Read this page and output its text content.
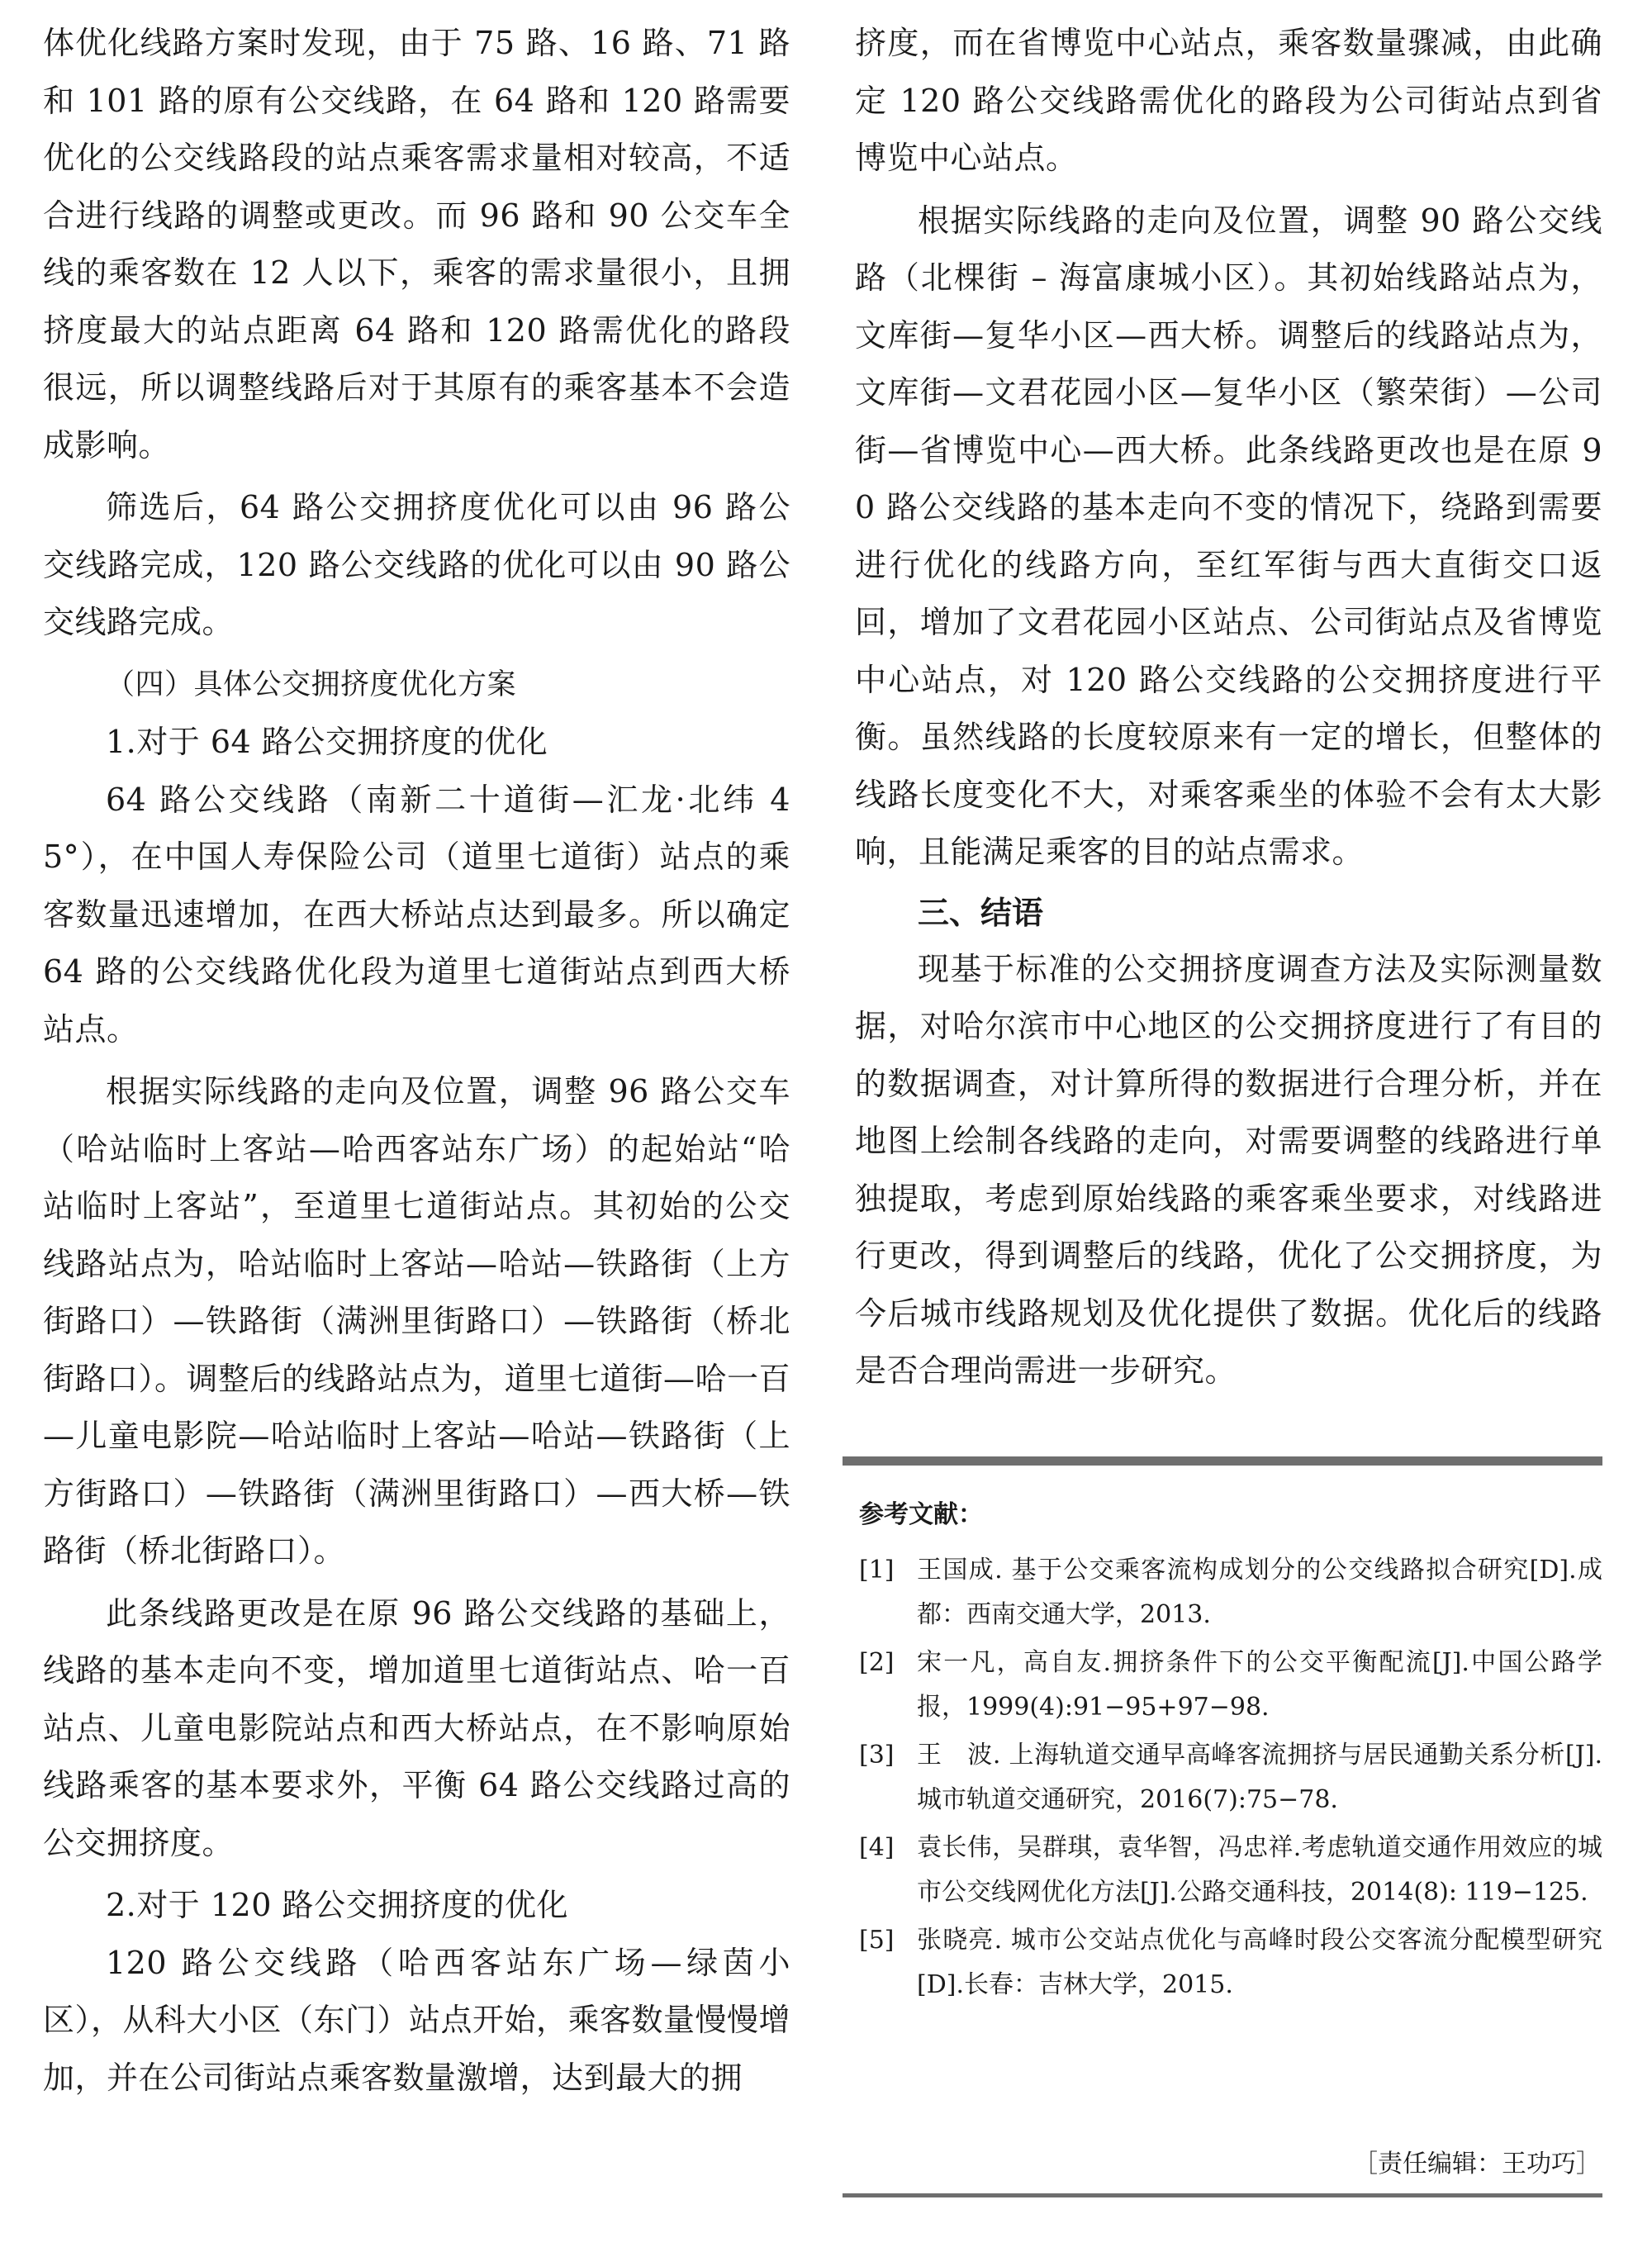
体优化线路方案时发现，由于 75 路、16 路、71 路和 101 路的原有公交线路，在 64 路和 120 路需要优化的公交线路段的站点乘客需求量相对较高，不适合进行线路的调整或更改。而 96 路和 90 公交车全线的乘客数在 12 人以下，乘客的需求量很小，且拥挤度最大的站点距离 64 路和 120 路需优化的路段很远，所以调整线路后对于其原有的乘客基本不会造成影响。

筛选后，64 路公交拥挤度优化可以由 96 路公交线路完成，120 路公交线路的优化可以由 90 路公交线路完成。

（四）具体公交拥挤度优化方案

1.对于 64 路公交拥挤度的优化

64 路公交线路（南新二十道街—汇龙·北纬 45°），在中国人寿保险公司（道里七道街）站点的乘客数量迅速增加，在西大桥站点达到最多。所以确定 64 路的公交线路优化段为道里七道街站点到西大桥站点。

根据实际线路的走向及位置，调整 96 路公交车（哈站临时上客站—哈西客站东广场）的起始站“哈站临时上客站”，至道里七道街站点。其初始的公交线路站点为，哈站临时上客站—哈站—铁路街（上方街路口）—铁路街（满洲里街路口）—铁路街（桥北街路口）。调整后的线路站点为，道里七道街—哈一百—儿童电影院—哈站临时上客站—哈站—铁路街（上方街路口）—铁路街（满洲里街路口）—西大桥—铁路街（桥北街路口）。

此条线路更改是在原 96 路公交线路的基础上，线路的基本走向不变，增加道里七道街站点、哈一百站点、儿童电影院站点和西大桥站点，在不影响原始线路乘客的基本要求外，平衡 64 路公交线路过高的公交拥挤度。

2.对于 120 路公交拥挤度的优化

120 路公交线路（哈西客站东广场—绿茵小区），从科大小区（东门）站点开始，乘客数量慢慢增加，并在公司街站点乘客数量激增，达到最大的拥

挤度，而在省博览中心站点，乘客数量骤减，由此确定 120 路公交线路需优化的路段为公司街站点到省博览中心站点。

根据实际线路的走向及位置，调整 90 路公交线路（北棵街 – 海富康城小区）。其初始线路站点为，文库街—复华小区—西大桥。调整后的线路站点为，文库街—文君花园小区—复华小区（繁荣街）—公司街—省博览中心—西大桥。此条线路更改也是在原 90 路公交线路的基本走向不变的情况下，绕路到需要进行优化的线路方向，至红军街与西大直街交口返回，增加了文君花园小区站点、公司街站点及省博览中心站点，对 120 路公交线路的公交拥挤度进行平衡。虽然线路的长度较原来有一定的增长，但整体的线路长度变化不大，对乘客乘坐的体验不会有太大影响，且能满足乘客的目的站点需求。

三、结语

现基于标准的公交拥挤度调查方法及实际测量数据，对哈尔滨市中心地区的公交拥挤度进行了有目的的数据调查，对计算所得的数据进行合理分析，并在地图上绘制各线路的走向，对需要调整的线路进行单独提取，考虑到原始线路的乘客乘坐要求，对线路进行更改，得到调整后的线路，优化了公交拥挤度，为今后城市线路规划及优化提供了数据。优化后的线路是否合理尚需进一步研究。

参考文献：

[1] 王国成. 基于公交乘客流构成划分的公交线路拟合研究[D].成都：西南交通大学，2013.
[2] 宋一凡，高自友.拥挤条件下的公交平衡配流[J].中国公路学报，1999(4):91−95+97−98.
[3] 王　波. 上海轨道交通早高峰客流拥挤与居民通勤关系分析[J].城市轨道交通研究，2016(7):75−78.
[4] 袁长伟，吴群琪，袁华智，冯忠祥.考虑轨道交通作用效应的城市公交线网优化方法[J].公路交通科技，2014(8): 119−125.
[5] 张晓亮. 城市公交站点优化与高峰时段公交客流分配模型研究[D].长春：吉林大学，2015.
［责任编辑：王功巧］
